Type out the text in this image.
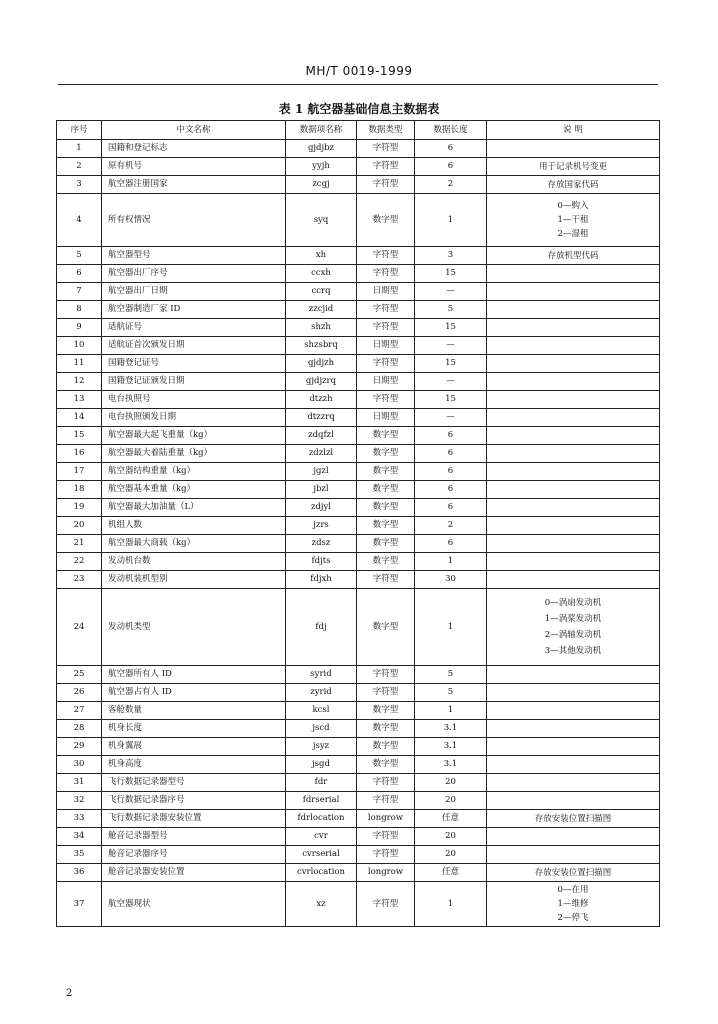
MH/T 0019-1999
表 1 航空器基础信息主数据表
序号	中文名称	数据项名称	数据类型	数据长度	说 明
1	国籍和登记标志	gjdjbz	字符型	6	
2	原有机号	yyjh	字符型	6	用于记录机号变更

3	航空器注册国家	zcgj	字符型	2	存放国家代码

4	所有权情况	syq	数字型	1	0—购入
1—干租
2—湿租

5	航空器型号	xh	字符型	3	存放机型代码

6	航空器出厂序号	ccxh	字符型	15	
7	航空器出厂日期	ccrq	日期型	—	
8	航空器制造厂家 ID	zzcjid	字符型	5	
9	适航证号	shzh	字符型	15	
10	适航证首次颁发日期	shzsbrq	日期型	—	
11	国籍登记证号	gjdjzh	字符型	15	
12	国籍登记证颁发日期	gjdjzrq	日期型	—	
13	电台执照号	dtzzh	字符型	15	
14	电台执照颁发日期	dtzzrq	日期型	—	
15	航空器最大起飞重量（kg）	zdqfzl	数字型	6	
16	航空器最大着陆重量（kg）	zdzlzl	数字型	6	
17	航空器结构重量（kg）	jgzl	数字型	6	
18	航空器基本重量（kg）	jbzl	数字型	6	
19	航空器最大加油量（L）	zdjyl	数字型	6	
20	机组人数	jzrs	数字型	2	
21	航空器最大商载（kg）	zdsz	数字型	6	
22	发动机台数	fdjts	数字型	1	
23	发动机装机型别	fdjxh	字符型	30	
24	发动机类型	fdj	数字型	1	0—涡扇发动机
1—涡桨发动机
2—涡轴发动机
3—其他发动机

25	航空器所有人 ID	syrid	字符型	5	
26	航空器占有人 ID	zyrid	字符型	5	
27	客舱数量	kcsl	数字型	1	
28	机身长度	jscd	数字型	3.1	
29	机身翼展	jsyz	数字型	3.1	
30	机身高度	jsgd	数字型	3.1	
31	飞行数据记录器型号	fdr	字符型	20	
32	飞行数据记录器序号	fdrserial	字符型	20	
33	飞行数据记录器安装位置	fdrlocation	longrow	任意	存放安装位置扫描图

34	舱音记录器型号	cvr	字符型	20	
35	舱音记录器序号	cvrserial	字符型	20	
36	舱音记录器安装位置	cvrlocation	longrow	任意	存放安装位置扫描图

37	航空器现状	xz	字符型	1	0—在用
1—维修
2—停飞
2
